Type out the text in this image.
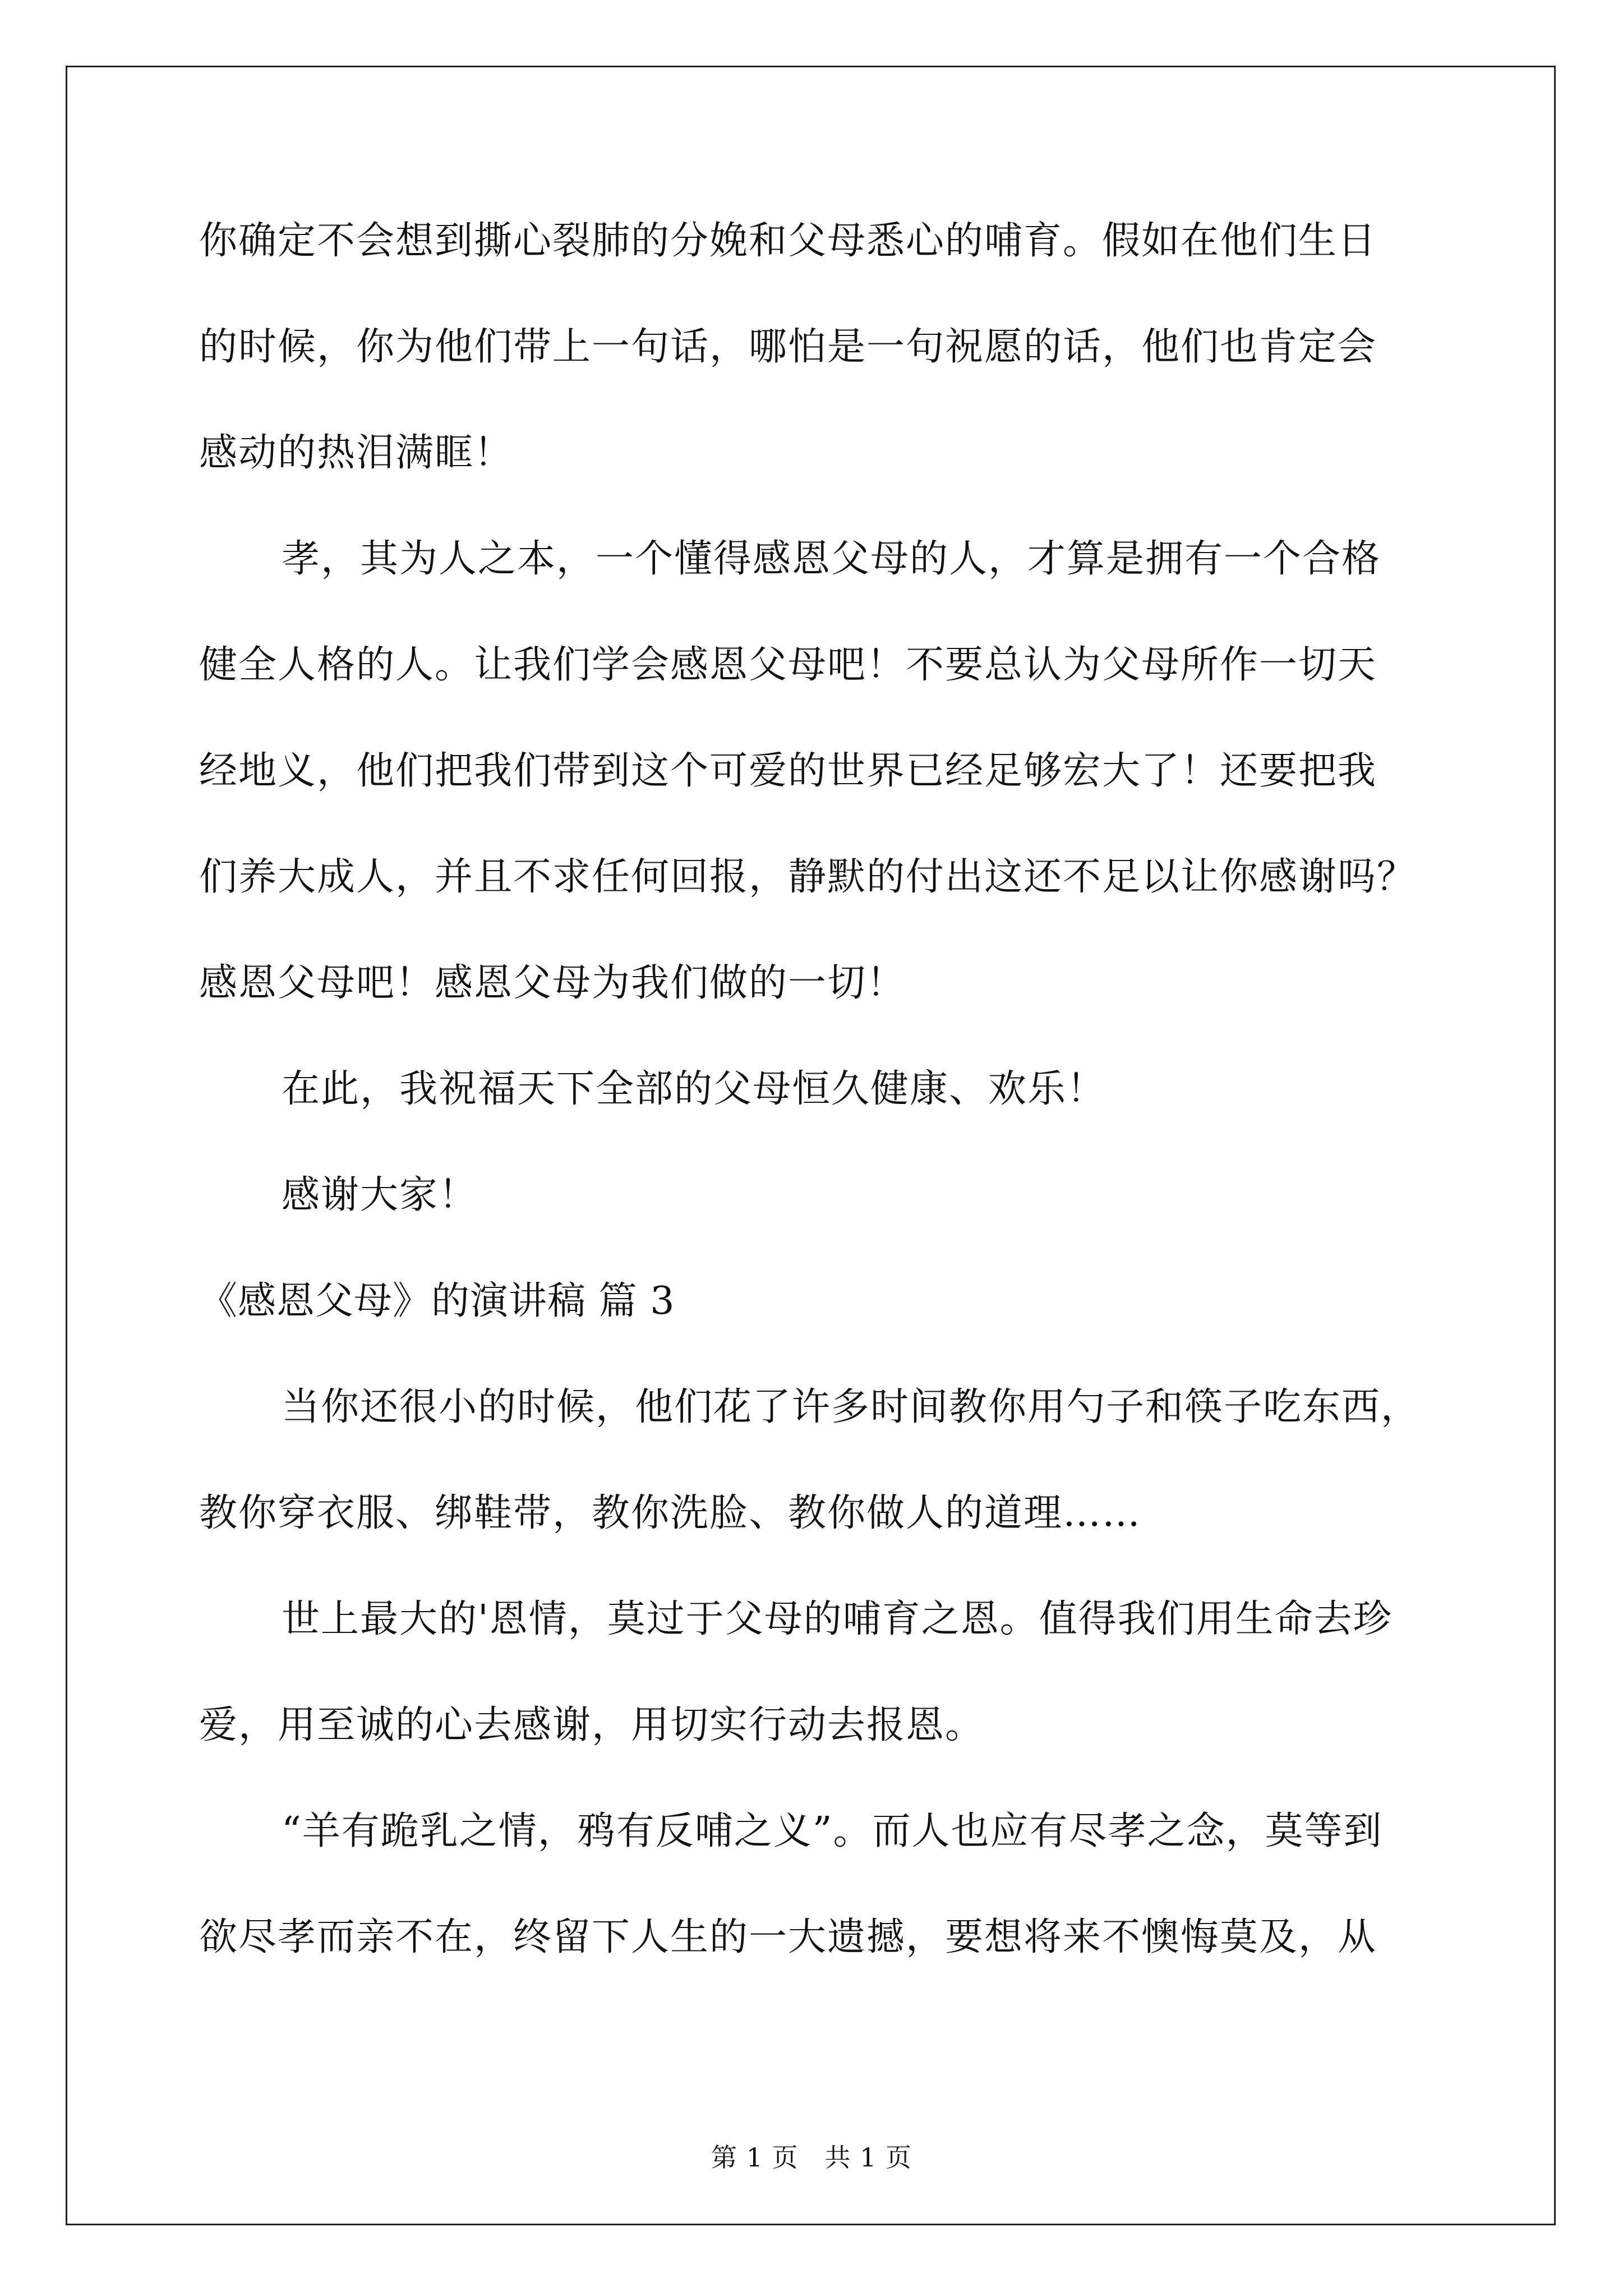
你确定不会想到撕心裂肺的分娩和父母悉心的哺育。假如在他们生日
的时候，你为他们带上一句话，哪怕是一句祝愿的话，他们也肯定会
感动的热泪满眶！
孝，其为人之本，一个懂得感恩父母的人，才算是拥有一个合格
健全人格的人。让我们学会感恩父母吧！不要总认为父母所作一切天
经地义，他们把我们带到这个可爱的世界已经足够宏大了！还要把我
们养大成人，并且不求任何回报，静默的付出这还不足以让你感谢吗？
感恩父母吧！感恩父母为我们做的一切！
在此，我祝福天下全部的父母恒久健康、欢乐！
感谢大家！
《感恩父母》的演讲稿 篇 3
当你还很小的时候，他们花了许多时间教你用勺子和筷子吃东西，
教你穿衣服、绑鞋带，教你洗脸、教你做人的道理……
世上最大的'恩情，莫过于父母的哺育之恩。值得我们用生命去珍
爱，用至诚的心去感谢，用切实行动去报恩。
“羊有跪乳之情，鸦有反哺之义”。而人也应有尽孝之念，莫等到
欲尽孝而亲不在，终留下人生的一大遗撼，要想将来不懊悔莫及，从
第 1 页　共 1 页
